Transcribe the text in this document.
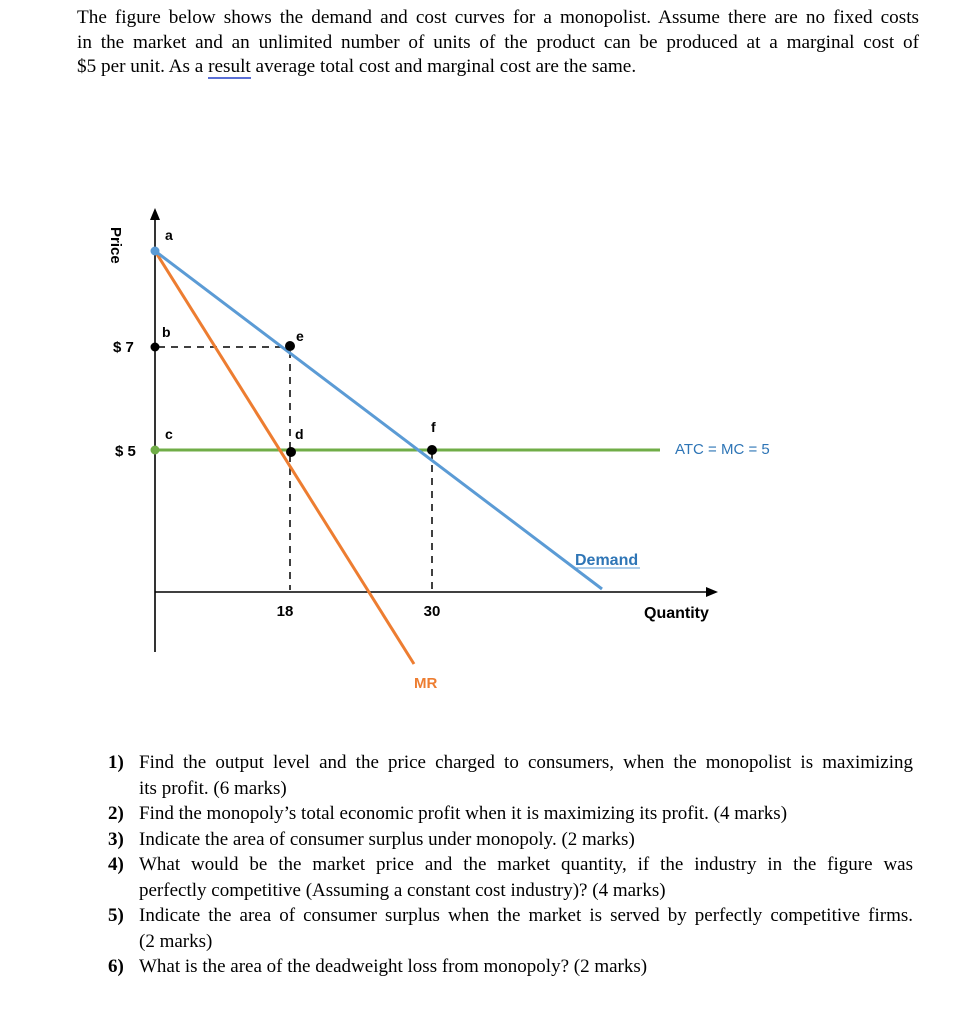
The figure below shows the demand and cost curves for a monopolist. Assume there are no fixed costs
in the market and an unlimited number of units of the product can be produced at a marginal cost of
$5 per unit. As a result average total cost and marginal cost are the same.
a
b	e
c	d	f
Price
$ 7
$ 5
18	30	Quantity
Demand
MR
ATC = MC = 5
1) Find the output level and the price charged to consumers, when the monopolist is maximizing
its profit. (6 marks)
2) Find the monopoly’s total economic profit when it is maximizing its profit. (4 marks)
3) Indicate the area of consumer surplus under monopoly. (2 marks)
4) What would be the market price and the market quantity, if the industry in the figure was
perfectly competitive (Assuming a constant cost industry)? (4 marks)
5) Indicate the area of consumer surplus when the market is served by perfectly competitive firms.
(2 marks)
6) What is the area of the deadweight loss from monopoly? (2 marks)
